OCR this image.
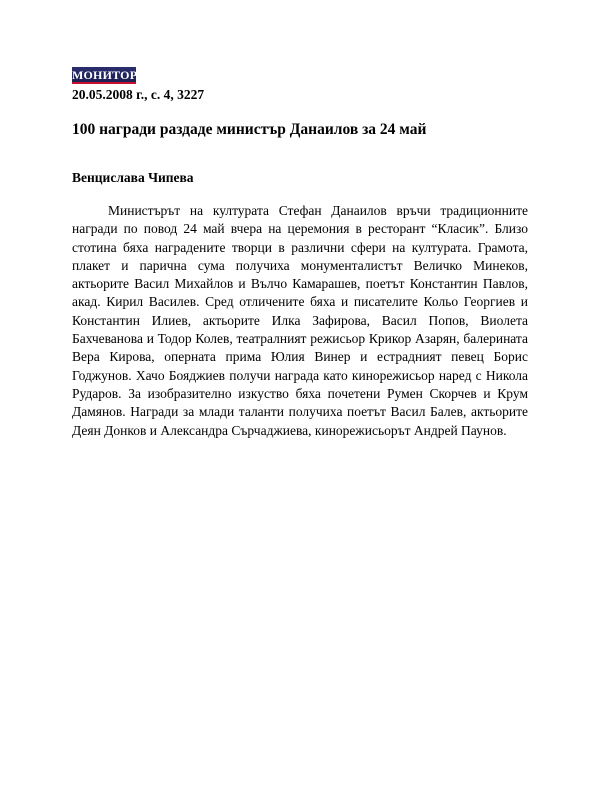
МОНИТОР
20.05.2008 г., с. 4, 3227
100 награди раздаде министър Данаилов за 24 май
Венцислава Чипева

Министърът на културата Стефан Данаилов връчи традиционните награди по повод 24 май вчера на церемония в ресторант “Класик”. Близо стотина бяха наградените творци в различни сфери на културата. Грамота, плакет и парична сума получиха монументалистът Величко Минеков, актьорите Васил Михайлов и Вълчо Камарашев, поетът Константин Павлов, акад. Кирил Василев. Сред отличените бяха и писателите Кольо Георгиев и Константин Илиев, актьорите Илка Зафирова, Васил Попов, Виолета Бахчеванова и Тодор Колев, театралният режисьор Крикор Азарян, балерината Вера Кирова, оперната прима Юлия Винер и естрадният певец Борис Годжунов. Хачо Бояджиев получи награда като кинорежисьор наред с Никола Рударов. За изобразително изкуство бяха почетени Румен Скорчев и Крум Дамянов. Награди за млади таланти получиха поетът Васил Балев, актьорите Деян Донков и Александра Сърчаджиева, кинорежисьорът Андрей Паунов.
